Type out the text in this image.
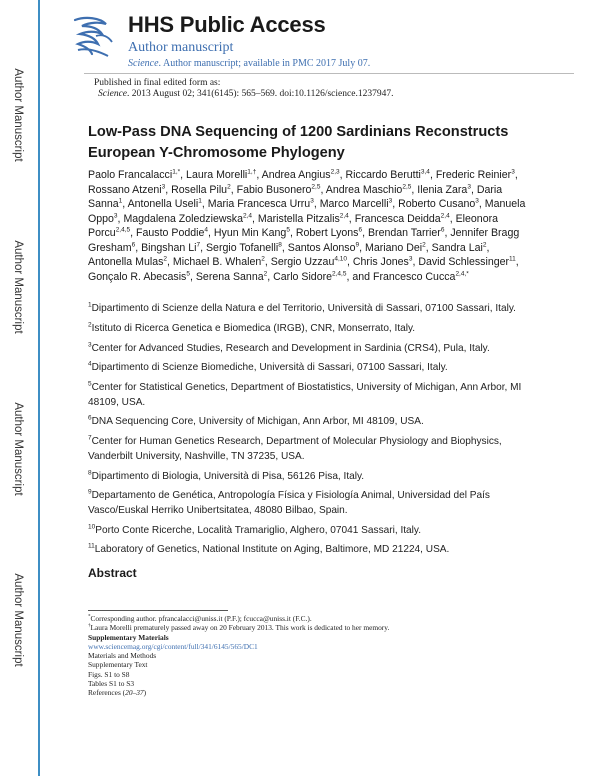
Author Manuscript
Author Manuscript
Author Manuscript
Author Manuscript
HHS Public Access
Author manuscript
Science. Author manuscript; available in PMC 2017 July 07.
Published in final edited form as:
Science. 2013 August 02; 341(6145): 565–569. doi:10.1126/science.1237947.
Low-Pass DNA Sequencing of 1200 Sardinians Reconstructs European Y-Chromosome Phylogeny
Paolo Francalacci$^{1,*}$, Laura Morelli$^{1,\dagger}$, Andrea Angius$^{2,3}$, Riccardo Berutti$^{3,4}$, Frederic Reinier$^3$, Rossano Atzeni$^3$, Rosella Pilu$^2$, Fabio Busonero$^{2,5}$, Andrea Maschio$^{2,5}$, Ilenia Zara$^3$, Daria Sanna$^1$, Antonella Useli$^1$, Maria Francesca Urru$^3$, Marco Marcelli$^3$, Roberto Cusano$^3$, Manuela Oppo$^3$, Magdalena Zoledziewska$^{2,4}$, Maristella Pitzalis$^{2,4}$, Francesca Deidda$^{2,4}$, Eleonora Porcu$^{2,4,5}$, Fausto Poddie$^4$, Hyun Min Kang$^5$, Robert Lyons$^6$, Brendan Tarrier$^6$, Jennifer Bragg Gresham$^6$, Bingshan Li$^7$, Sergio Tofanelli$^8$, Santos Alonso$^9$, Mariano Dei$^2$, Sandra Lai$^2$, Antonella Mulas$^2$, Michael B. Whalen$^2$, Sergio Uzzau$^{4,10}$, Chris Jones$^3$, David Schlessinger$^{11}$, Gonçalo R. Abecasis$^5$, Serena Sanna$^2$, Carlo Sidore$^{2,4,5}$, and Francesco Cucca$^{2,4,*}$
$^1$Dipartimento di Scienze della Natura e del Territorio, Università di Sassari, 07100 Sassari, Italy.
$^2$Istituto di Ricerca Genetica e Biomedica (IRGB), CNR, Monserrato, Italy.
$^3$Center for Advanced Studies, Research and Development in Sardinia (CRS4), Pula, Italy.
$^4$Dipartimento di Scienze Biomediche, Università di Sassari, 07100 Sassari, Italy.
$^5$Center for Statistical Genetics, Department of Biostatistics, University of Michigan, Ann Arbor, MI 48109, USA.
$^6$DNA Sequencing Core, University of Michigan, Ann Arbor, MI 48109, USA.
$^7$Center for Human Genetics Research, Department of Molecular Physiology and Biophysics, Vanderbilt University, Nashville, TN 37235, USA.
$^8$Dipartimento di Biologia, Università di Pisa, 56126 Pisa, Italy.
$^9$Departamento de Genética, Antropología Física y Fisiología Animal, Universidad del País Vasco/Euskal Herriko Unibertsitatea, 48080 Bilbao, Spain.
$^{10}$Porto Conte Ricerche, Località Tramariglio, Alghero, 07041 Sassari, Italy.
$^{11}$Laboratory of Genetics, National Institute on Aging, Baltimore, MD 21224, USA.
Abstract
*Corresponding author. pfrancalacci@uniss.it (P.F.); fcucca@uniss.it (F.C.).
†Laura Morelli prematurely passed away on 20 February 2013. This work is dedicated to her memory.
Supplementary Materials
www.sciencemag.org/cgi/content/full/341/6145/565/DC1
Materials and Methods
Supplementary Text
Figs. S1 to S8
Tables S1 to S3
References (20–37)
